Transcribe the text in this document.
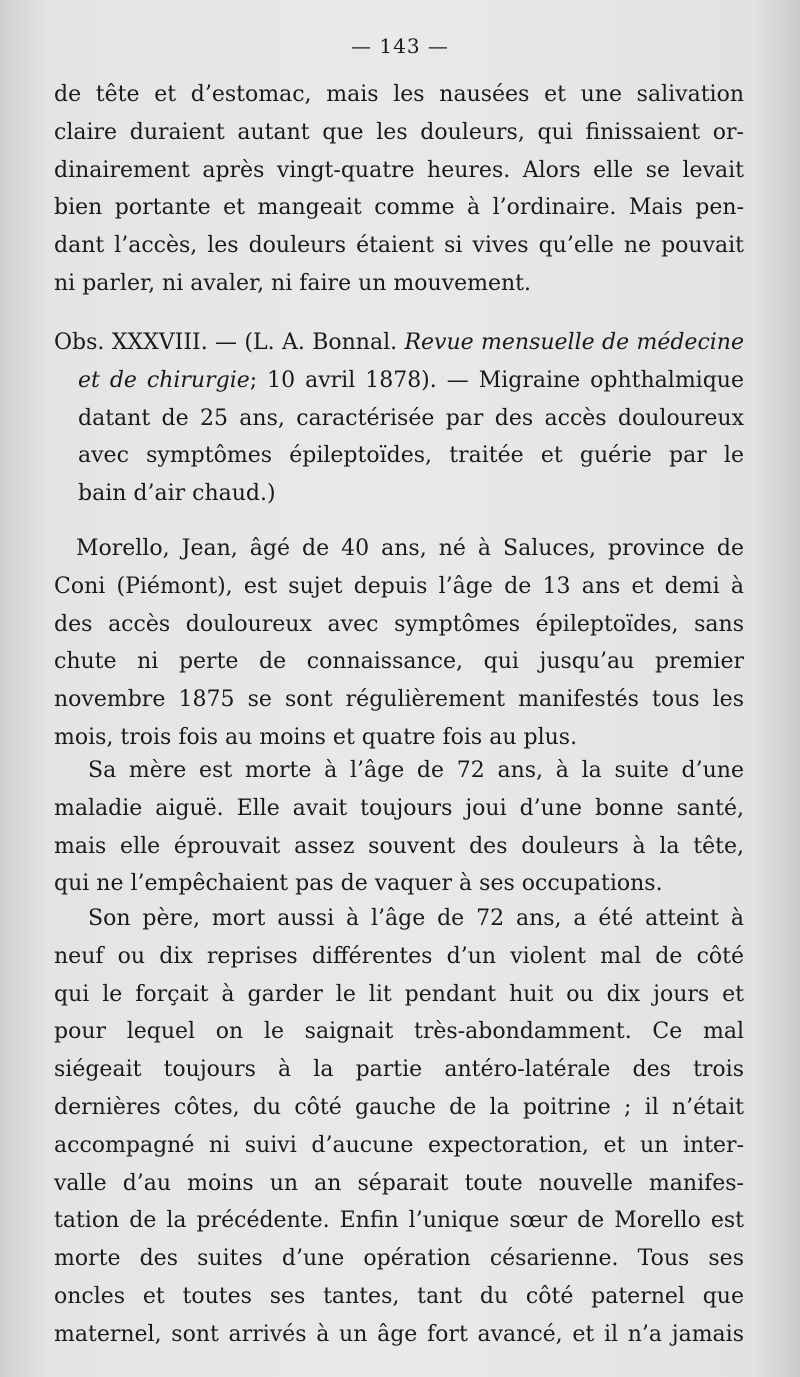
— 143 —

de tête et d’estomac, mais les nausées et une salivation
claire duraient autant que les douleurs, qui finissaient or-
dinairement après vingt-quatre heures. Alors elle se levait
bien portante et mangeait comme à l’ordinaire. Mais pen-
dant l’accès, les douleurs étaient si vives qu’elle ne pouvait
ni parler, ni avaler, ni faire un mouvement.

Obs. XXXVIII. — (L. A. Bonnal. Revue mensuelle de médecine
et de chirurgie; 10 avril 1878). — Migraine ophthalmique
datant de 25 ans, caractérisée par des accès douloureux
avec symptômes épileptoïdes, traitée et guérie par le
bain d’air chaud.)

Morello, Jean, âgé de 40 ans, né à Saluces, province de
Coni (Piémont), est sujet depuis l’âge de 13 ans et demi à
des accès douloureux avec symptômes épileptoïdes, sans
chute ni perte de connaissance, qui jusqu’au premier
novembre 1875 se sont régulièrement manifestés tous les
mois, trois fois au moins et quatre fois au plus.

Sa mère est morte à l’âge de 72 ans, à la suite d’une
maladie aiguë. Elle avait toujours joui d’une bonne santé,
mais elle éprouvait assez souvent des douleurs à la tête,
qui ne l’empêchaient pas de vaquer à ses occupations.

Son père, mort aussi à l’âge de 72 ans, a été atteint à
neuf ou dix reprises différentes d’un violent mal de côté
qui le forçait à garder le lit pendant huit ou dix jours et
pour lequel on le saignait très-abondamment. Ce mal
siégeait toujours à la partie antéro-latérale des trois
dernières côtes, du côté gauche de la poitrine ; il n’était
accompagné ni suivi d’aucune expectoration, et un inter-
valle d’au moins un an séparait toute nouvelle manifes-
tation de la précédente. Enfin l’unique sœur de Morello est
morte des suites d’une opération césarienne. Tous ses
oncles et toutes ses tantes, tant du côté paternel que
maternel, sont arrivés à un âge fort avancé, et il n’a jamais
